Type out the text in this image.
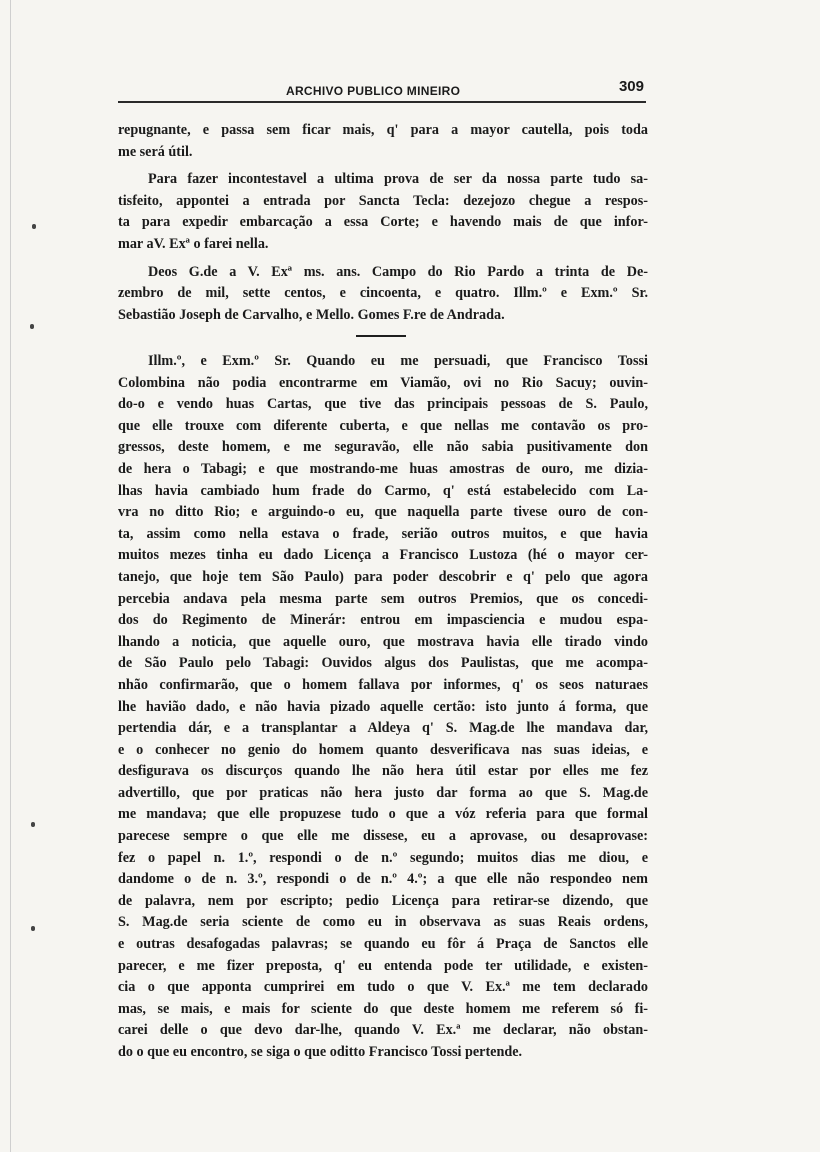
ARCHIVO PUBLICO MINEIRO	309
repugnante, e passa sem ficar mais, q' para a mayor cautella, pois toda
me será útil.
Para fazer incontestavel a ultima prova de ser da nossa parte tudo sa-
tisfeito, appontei a entrada por Sancta Tecla: dezejozo chegue a respos-
ta para expedir embarcação a essa Corte; e havendo mais de que infor-
mar aV. Exª o farei nella.
Deos G.de a V. Exª ms. ans. Campo do Rio Pardo a trinta de De-
zembro de mil, sette centos, e cincoenta, e quatro. Illm.º e Exm.º Sr.
Sebastião Joseph de Carvalho, e Mello. Gomes F.re de Andrada.
Illm.º, e Exm.º Sr. Quando eu me persuadi, que Francisco Tossi
Colombina não podia encontrarme em Viamão, ovi no Rio Sacuy; ouvin-
do-o e vendo huas Cartas, que tive das principais pessoas de S. Paulo,
que elle trouxe com diferente cuberta, e que nellas me contavão os pro-
gressos, deste homem, e me seguravão, elle não sabia pusitivamente don
de hera o Tabagi; e que mostrando-me huas amostras de ouro, me dizia-
lhas havia cambiado hum frade do Carmo, q' está estabelecido com La-
vra no ditto Rio; e arguindo-o eu, que naquella parte tivese ouro de con-
ta, assim como nella estava o frade, serião outros muitos, e que havia
muitos mezes tinha eu dado Licença a Francisco Lustoza (hé o mayor cer-
tanejo, que hoje tem São Paulo) para poder descobrir e q' pelo que agora
percebia andava pela mesma parte sem outros Premios, que os concedi-
dos do Regimento de Minerár: entrou em impasciencia e mudou espa-
lhando a noticia, que aquelle ouro, que mostrava havia elle tirado vindo
de São Paulo pelo Tabagi: Ouvidos algus dos Paulistas, que me acompa-
nhão confirmarão, que o homem fallava por informes, q' os seos naturaes
lhe havião dado, e não havia pizado aquelle certão: isto junto á forma, que
pertendia dár, e a transplantar a Aldeya q' S. Mag.de lhe mandava dar,
e o conhecer no genio do homem quanto desverificava nas suas ideias, e
desfigurava os discurços quando lhe não hera útil estar por elles me fez
advertillo, que por praticas não hera justo dar forma ao que S. Mag.de
me mandava; que elle propuzese tudo o que a vóz referia para que formal
parecese sempre o que elle me dissese, eu a aprovase, ou desaprovase:
fez o papel n. 1.º, respondi o de n.º segundo; muitos dias me diou, e
dandome o de n. 3.º, respondi o de n.º 4.º; a que elle não respondeo nem
de palavra, nem por escripto; pedio Licença para retirar-se dizendo, que
S. Mag.de seria sciente de como eu in observava as suas Reais ordens,
e outras desafogadas palavras; se quando eu fôr á Praça de Sanctos elle
parecer, e me fizer preposta, q' eu entenda pode ter utilidade, e existen-
cia o que apponta cumprirei em tudo o que V. Ex.ª me tem declarado
mas, se mais, e mais for sciente do que deste homem me referem só fi-
carei delle o que devo dar-lhe, quando V. Ex.ª me declarar, não obstan-
do o que eu encontro, se siga o que oditto Francisco Tossi pertende.
